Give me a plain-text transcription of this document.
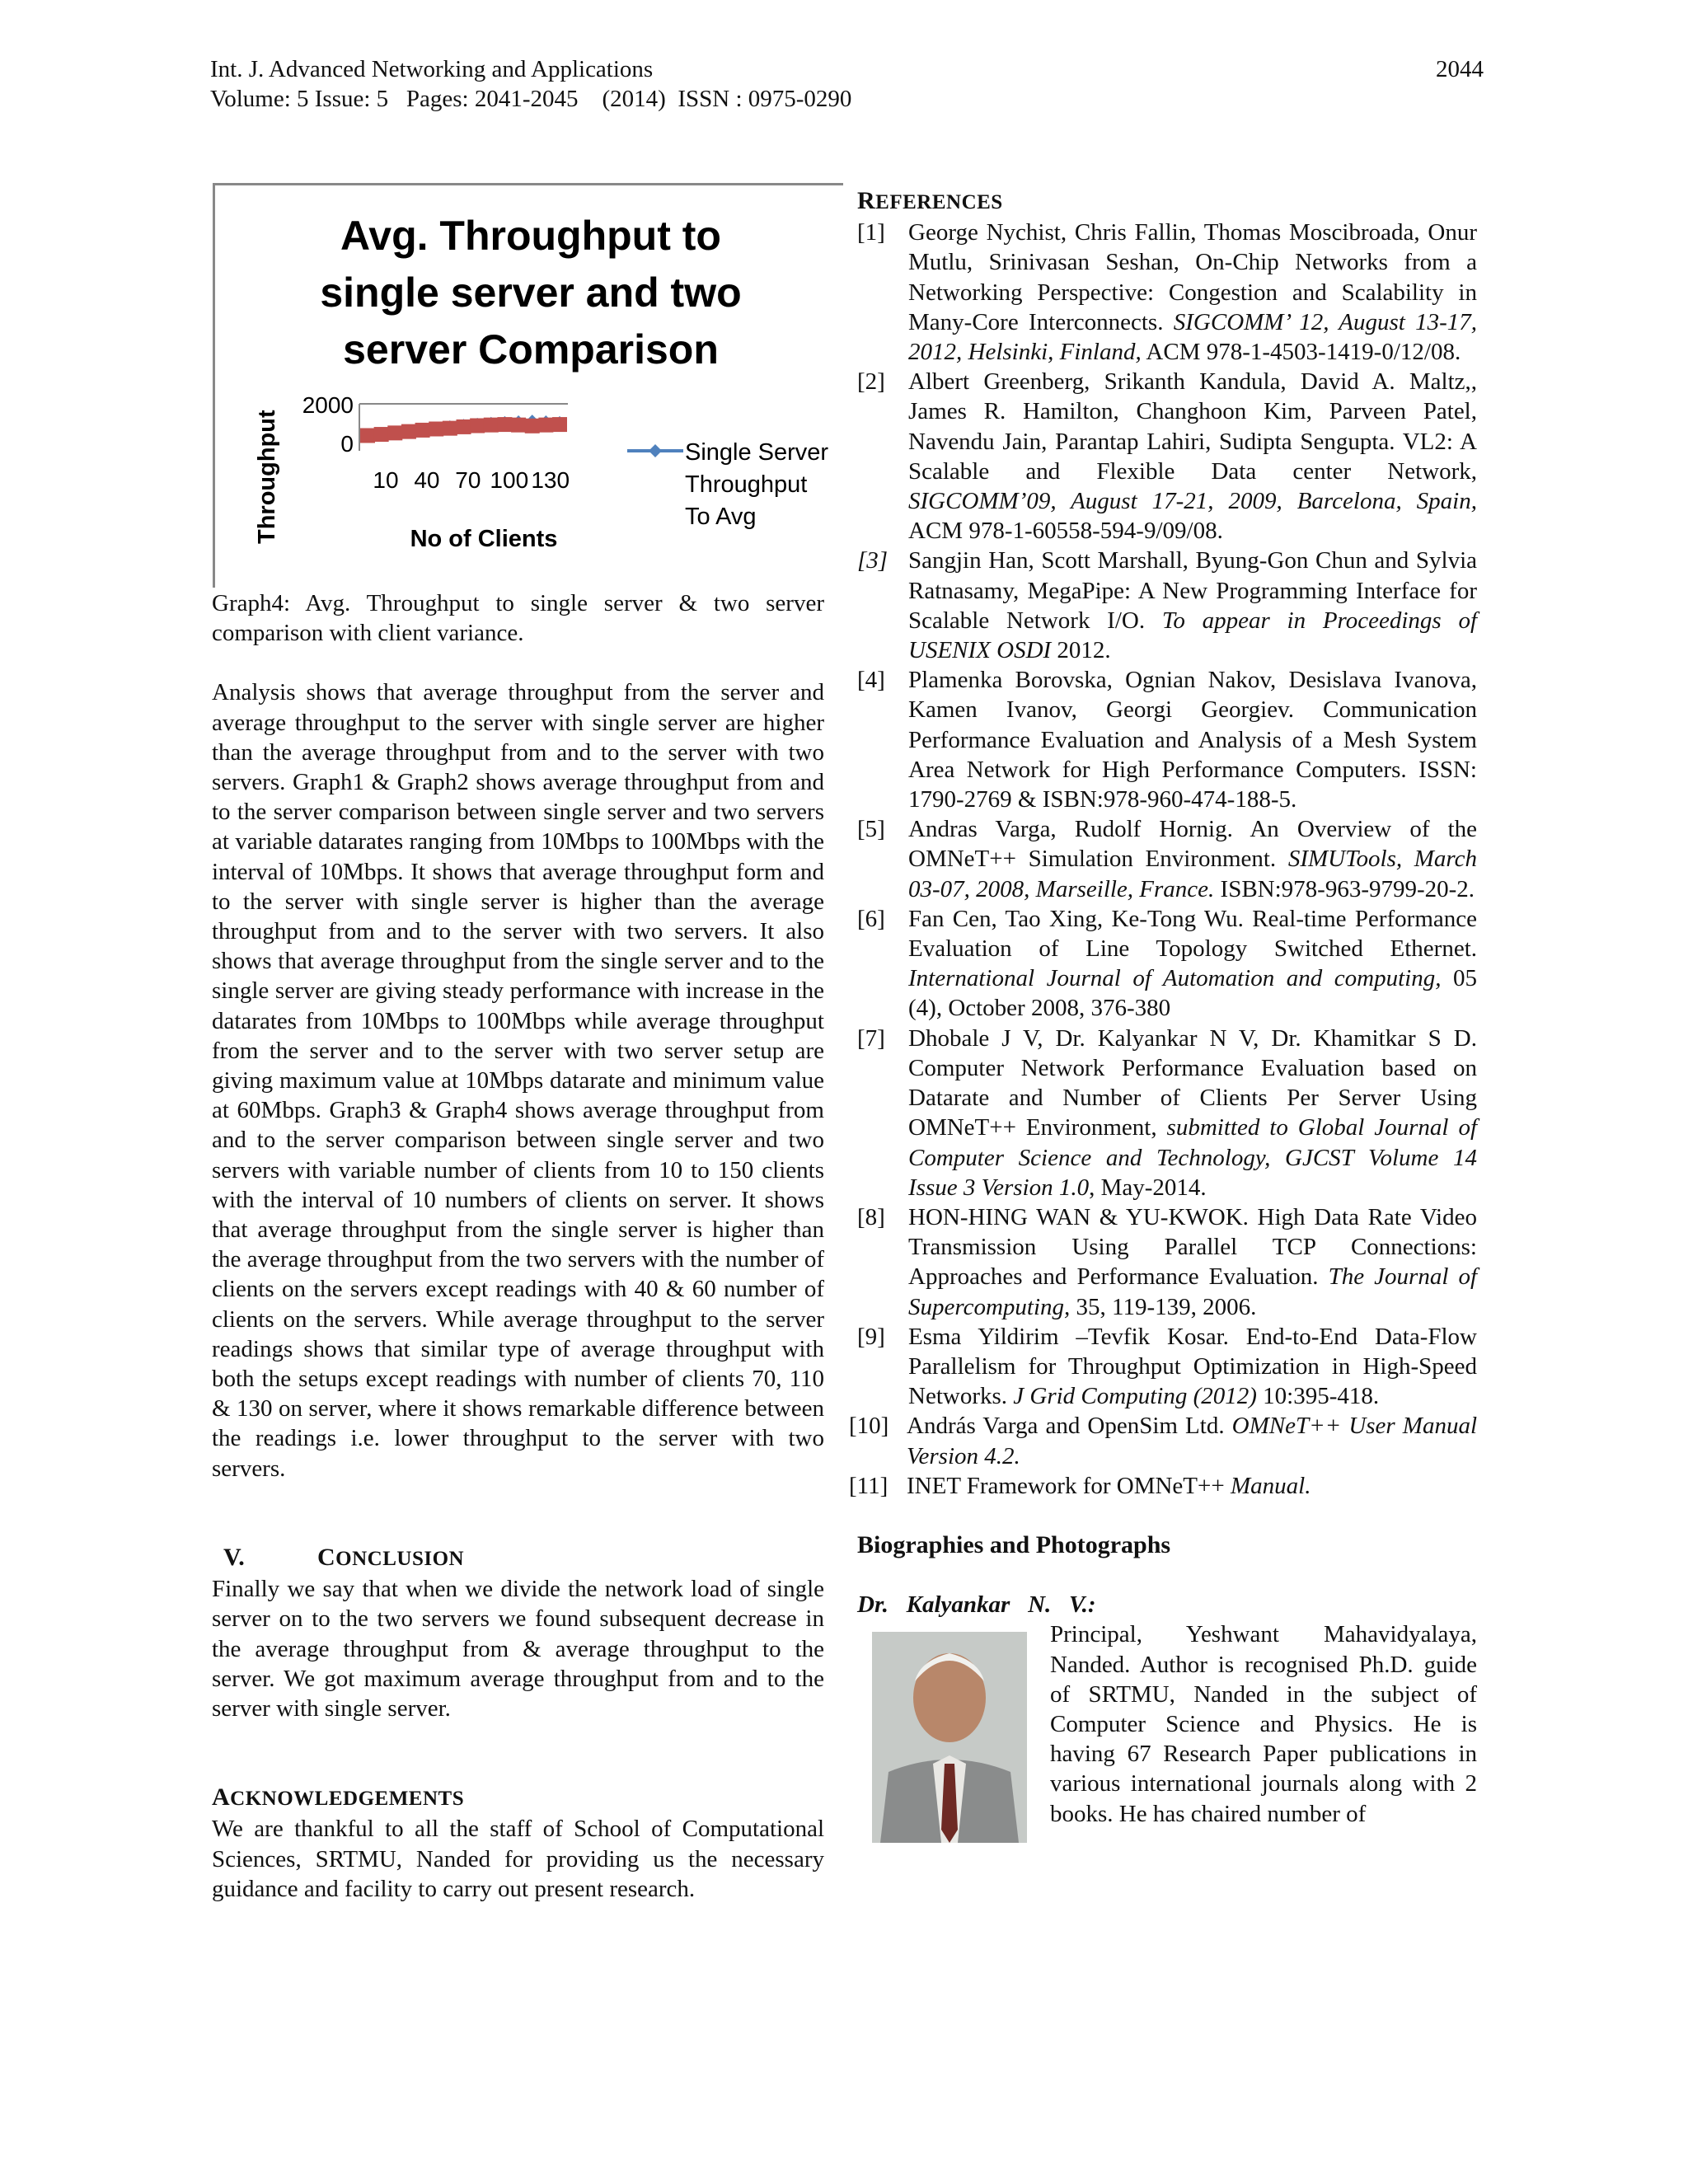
Int. J. Advanced Networking and Applications
Volume: 5 Issue: 5   Pages: 2041-2045    (2014)  ISSN : 0975-0290
2044
Avg. Throughput to
single server and two
server Comparison
Throughput	No of Clients
2000
0
10 40 70 100 130
Single Server
Throughput
To Avg

Graph4: Avg. Throughput to single server & two server comparison with client variance.

Analysis shows that average throughput from the server and average throughput to the server with single server are higher than the average throughput from and to the server with two servers. Graph1 & Graph2 shows average throughput from and to the server comparison between single server and two servers at variable datarates ranging from 10Mbps to 100Mbps with the interval of 10Mbps. It shows that average throughput form and to the server with single server is higher than the average throughput from and to the server with two servers. It also shows that average throughput from the single server and to the single server are giving steady performance with increase in the datarates from 10Mbps to 100Mbps while average throughput from the server and to the server with two server setup are giving maximum value at 10Mbps datarate and minimum value at 60Mbps. Graph3 & Graph4 shows average throughput from and to the server comparison between single server and two servers with variable number of clients from 10 to 150 clients with the interval of 10 numbers of clients on server. It shows that average throughput from the single server is higher than the average throughput from the two servers with the number of clients on the servers except readings with 40 & 60 number of clients on the servers. While average throughput to the server readings shows that similar type of average throughput with both the setups except readings with number of clients 70, 110 & 130 on server, where it shows remarkable difference between the readings i.e. lower throughput to the server with two servers.

V.	CONCLUSION

Finally we say that when we divide the network load of single server on to the two servers we found subsequent decrease in the average throughput from & average throughput to the server. We got maximum average throughput from and to the server with single server.

ACKNOWLEDGEMENTS

We are thankful to all the staff of School of Computational Sciences, SRTMU, Nanded for providing us the necessary guidance and facility to carry out present research.

REFERENCES
[1] George Nychist, Chris Fallin, Thomas Moscibroada, Onur Mutlu, Srinivasan Seshan, On-Chip Networks from a Networking Perspective: Congestion and Scalability in Many-Core Interconnects. SIGCOMM’ 12, August 13-17, 2012, Helsinki, Finland, ACM 978-1-4503-1419-0/12/08.
[2] Albert Greenberg, Srikanth Kandula, David A. Maltz,, James R. Hamilton, Changhoon Kim, Parveen Patel, Navendu Jain, Parantap Lahiri, Sudipta Sengupta. VL2: A Scalable and Flexible Data center Network, SIGCOMM’09, August 17-21, 2009, Barcelona, Spain, ACM 978-1-60558-594-9/09/08.
[3] Sangjin Han, Scott Marshall, Byung-Gon Chun and Sylvia Ratnasamy, MegaPipe: A New Programming Interface for Scalable Network I/O. To appear in Proceedings of USENIX OSDI 2012.
[4] Plamenka Borovska, Ognian Nakov, Desislava Ivanova, Kamen Ivanov, Georgi Georgiev. Communication Performance Evaluation and Analysis of a Mesh System Area Network for High Performance Computers. ISSN: 1790-2769 & ISBN:978-960-474-188-5.
[5] Andras Varga, Rudolf Hornig. An Overview of the OMNeT++ Simulation Environment. SIMUTools, March 03-07, 2008, Marseille, France. ISBN:978-963-9799-20-2.
[6] Fan Cen, Tao Xing, Ke-Tong Wu. Real-time Performance Evaluation of Line Topology Switched Ethernet. International Journal of Automation and computing, 05 (4), October 2008, 376-380
[7] Dhobale J V, Dr. Kalyankar N V, Dr. Khamitkar S D. Computer Network Performance Evaluation based on Datarate and Number of Clients Per Server Using OMNeT++ Environment, submitted to Global Journal of Computer Science and Technology, GJCST Volume 14 Issue 3 Version 1.0, May-2014.
[8] HON-HING WAN & YU-KWOK. High Data Rate Video Transmission Using Parallel TCP Connections: Approaches and Performance Evaluation. The Journal of Supercomputing, 35, 119-139, 2006.
[9] Esma Yildirim –Tevfik Kosar. End-to-End Data-Flow Parallelism for Throughput Optimization in High-Speed Networks. J Grid Computing (2012) 10:395-418.
[10] András Varga and OpenSim Ltd. OMNeT++ User Manual Version 4.2.
[11] INET Framework for OMNeT++ Manual.
Biographies and Photographs

Dr.   Kalyankar   N.   V.:

Principal, Yeshwant Mahavidyalaya, Nanded. Author is recognised Ph.D. guide of SRTMU, Nanded in the subject of Computer Science and Physics. He is having 67 Research Paper publications in various international journals along with 2 books. He has chaired number of
